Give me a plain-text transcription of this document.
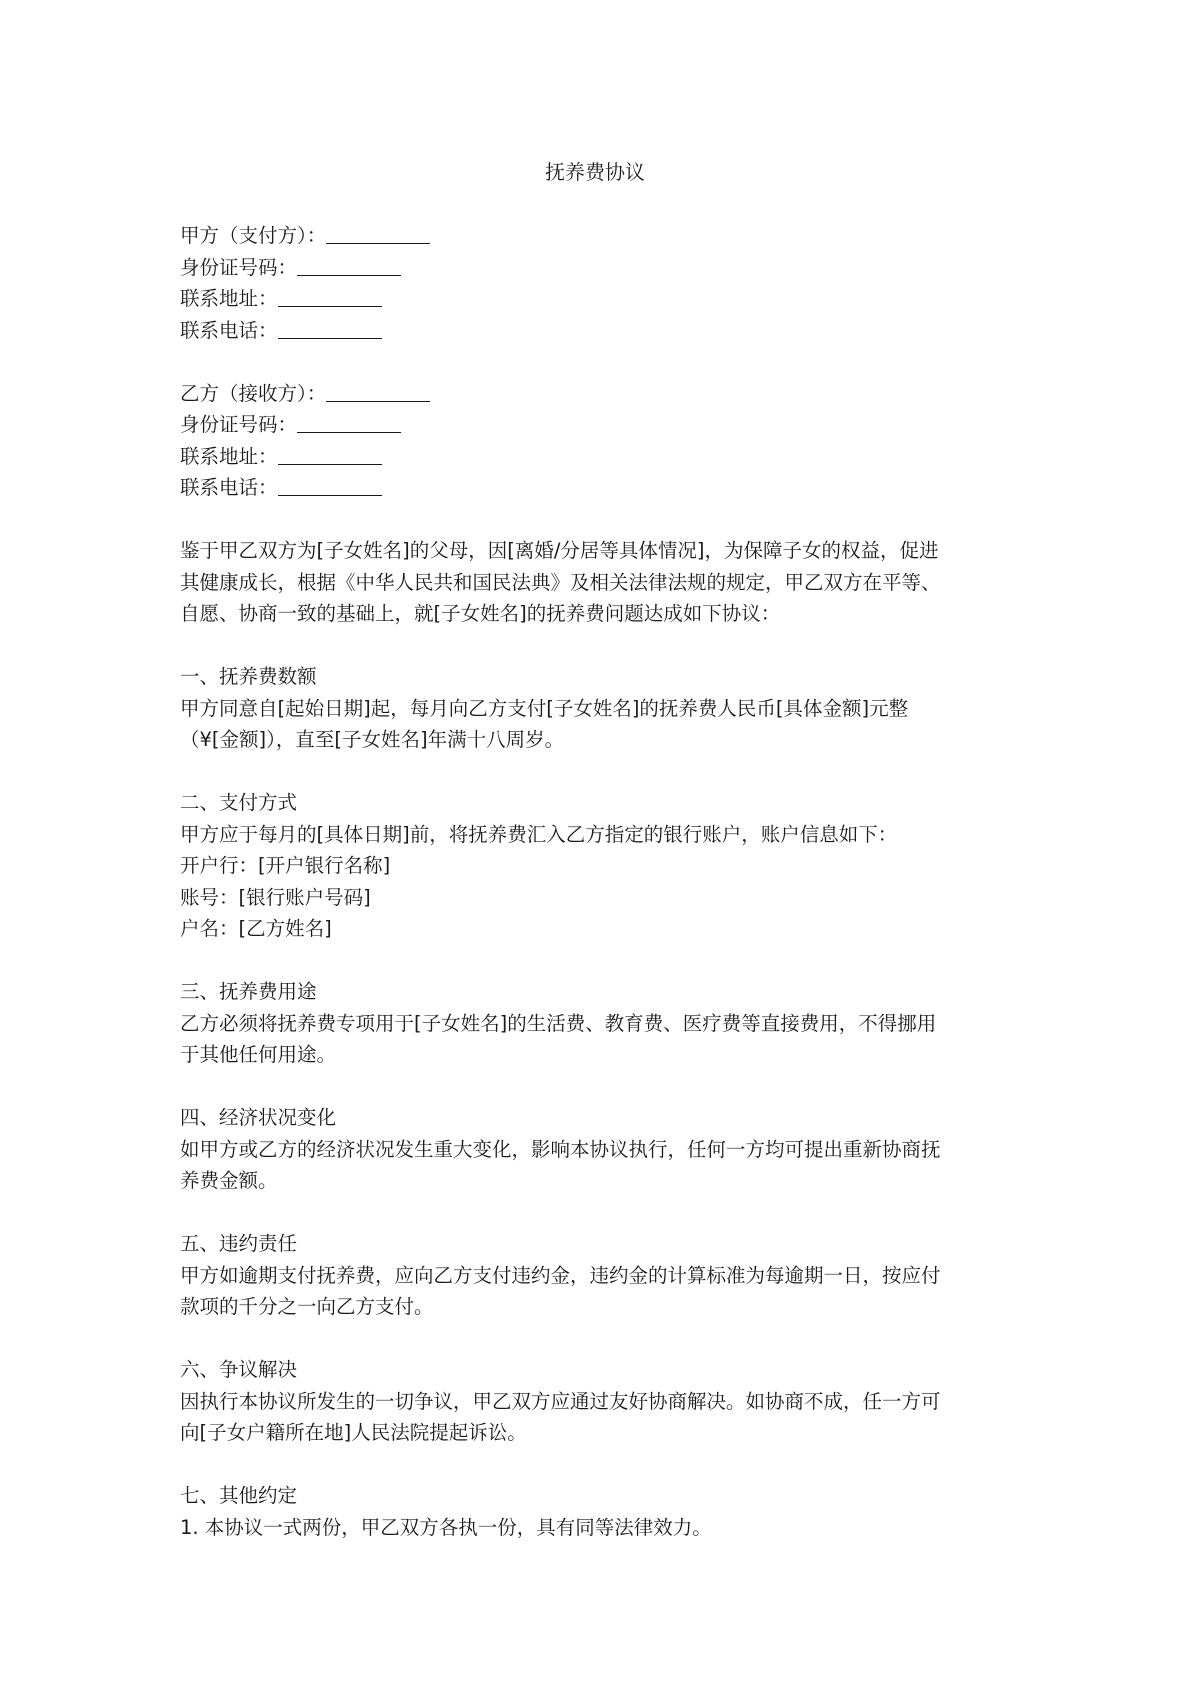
抚养费协议
甲方（支付方）：
身份证号码：
联系地址：
联系电话：
乙方（接收方）：
身份证号码：
联系地址：
联系电话：
鉴于甲乙双方为[子女姓名]的父母，因[离婚/分居等具体情况]，为保障子女的权益，促进
其健康成长，根据《中华人民共和国民法典》及相关法律法规的规定，甲乙双方在平等、
自愿、协商一致的基础上，就[子女姓名]的抚养费问题达成如下协议：
一、抚养费数额
甲方同意自[起始日期]起，每月向乙方支付[子女姓名]的抚养费人民币[具体金额]元整
（¥[金额]），直至[子女姓名]年满十八周岁。
二、支付方式
甲方应于每月的[具体日期]前，将抚养费汇入乙方指定的银行账户，账户信息如下：
开户行：[开户银行名称]
账号：[银行账户号码]
户名：[乙方姓名]
三、抚养费用途
乙方必须将抚养费专项用于[子女姓名]的生活费、教育费、医疗费等直接费用，不得挪用
于其他任何用途。
四、经济状况变化
如甲方或乙方的经济状况发生重大变化，影响本协议执行，任何一方均可提出重新协商抚
养费金额。
五、违约责任
甲方如逾期支付抚养费，应向乙方支付违约金，违约金的计算标准为每逾期一日，按应付
款项的千分之一向乙方支付。
六、争议解决
因执行本协议所发生的一切争议，甲乙双方应通过友好协商解决。如协商不成，任一方可
向[子女户籍所在地]人民法院提起诉讼。
七、其他约定
1. 本协议一式两份，甲乙双方各执一份，具有同等法律效力。
